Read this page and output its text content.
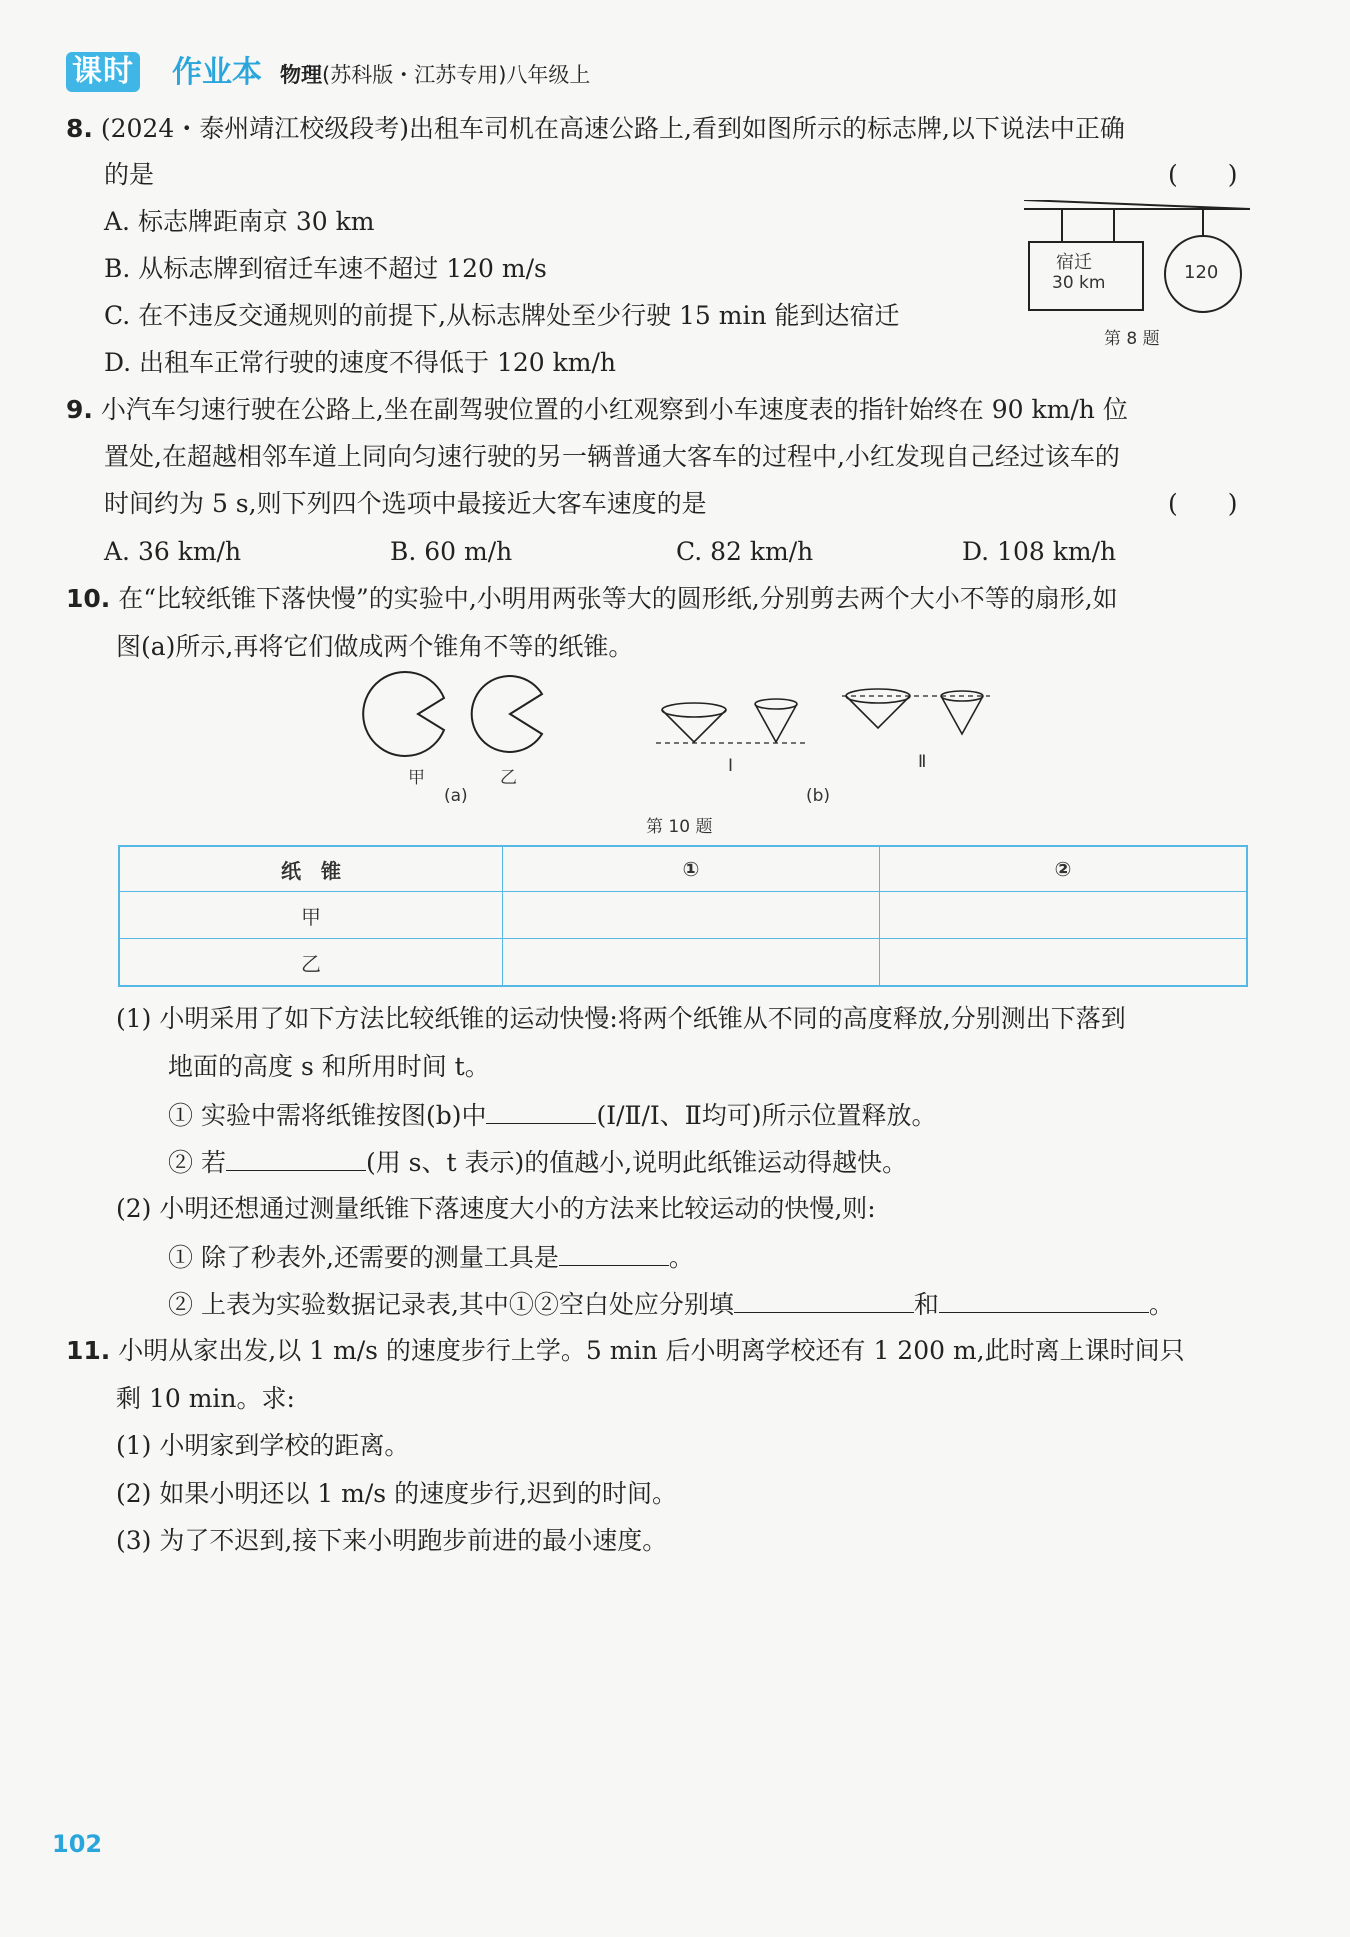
课时 作业本 物理(苏科版・江苏专用)八年级上
8. (2024・泰州靖江校级段考)出租车司机在高速公路上,看到如图所示的标志牌,以下说法中正确
的是	(　　)
A. 标志牌距南京 30 km
B. 从标志牌到宿迁车速不超过 120 m/s
C. 在不违反交通规则的前提下,从标志牌处至少行驶 15 min 能到达宿迁
D. 出租车正常行驶的速度不得低于 120 km/h
宿迁
30 km	120
第 8 题
9. 小汽车匀速行驶在公路上,坐在副驾驶位置的小红观察到小车速度表的指针始终在 90 km/h 位
置处,在超越相邻车道上同向匀速行驶的另一辆普通大客车的过程中,小红发现自己经过该车的
时间约为 5 s,则下列四个选项中最接近大客车速度的是	(　　)
A. 36 km/h	B. 60 m/h	C. 82 km/h	D. 108 km/h
10. 在“比较纸锥下落快慢”的实验中,小明用两张等大的圆形纸,分别剪去两个大小不等的扇形,如
图(a)所示,再将它们做成两个锥角不等的纸锥。
甲	乙
(a)
Ⅰ
(b)
Ⅱ
第 10 题
纸　锥	①	②
甲		
乙		
(1) 小明采用了如下方法比较纸锥的运动快慢:将两个纸锥从不同的高度释放,分别测出下落到
地面的高度 s 和所用时间 t。
① 实验中需将纸锥按图(b)中	(Ⅰ/Ⅱ/Ⅰ、Ⅱ均可)所示位置释放。
② 若	(用 s、t 表示)的值越小,说明此纸锥运动得越快。
(2) 小明还想通过测量纸锥下落速度大小的方法来比较运动的快慢,则:
① 除了秒表外,还需要的测量工具是	。
② 上表为实验数据记录表,其中①②空白处应分别填	和	。
11. 小明从家出发,以 1 m/s 的速度步行上学。5 min 后小明离学校还有 1 200 m,此时离上课时间只
剩 10 min。求:
(1) 小明家到学校的距离。
(2) 如果小明还以 1 m/s 的速度步行,迟到的时间。
(3) 为了不迟到,接下来小明跑步前进的最小速度。
102
